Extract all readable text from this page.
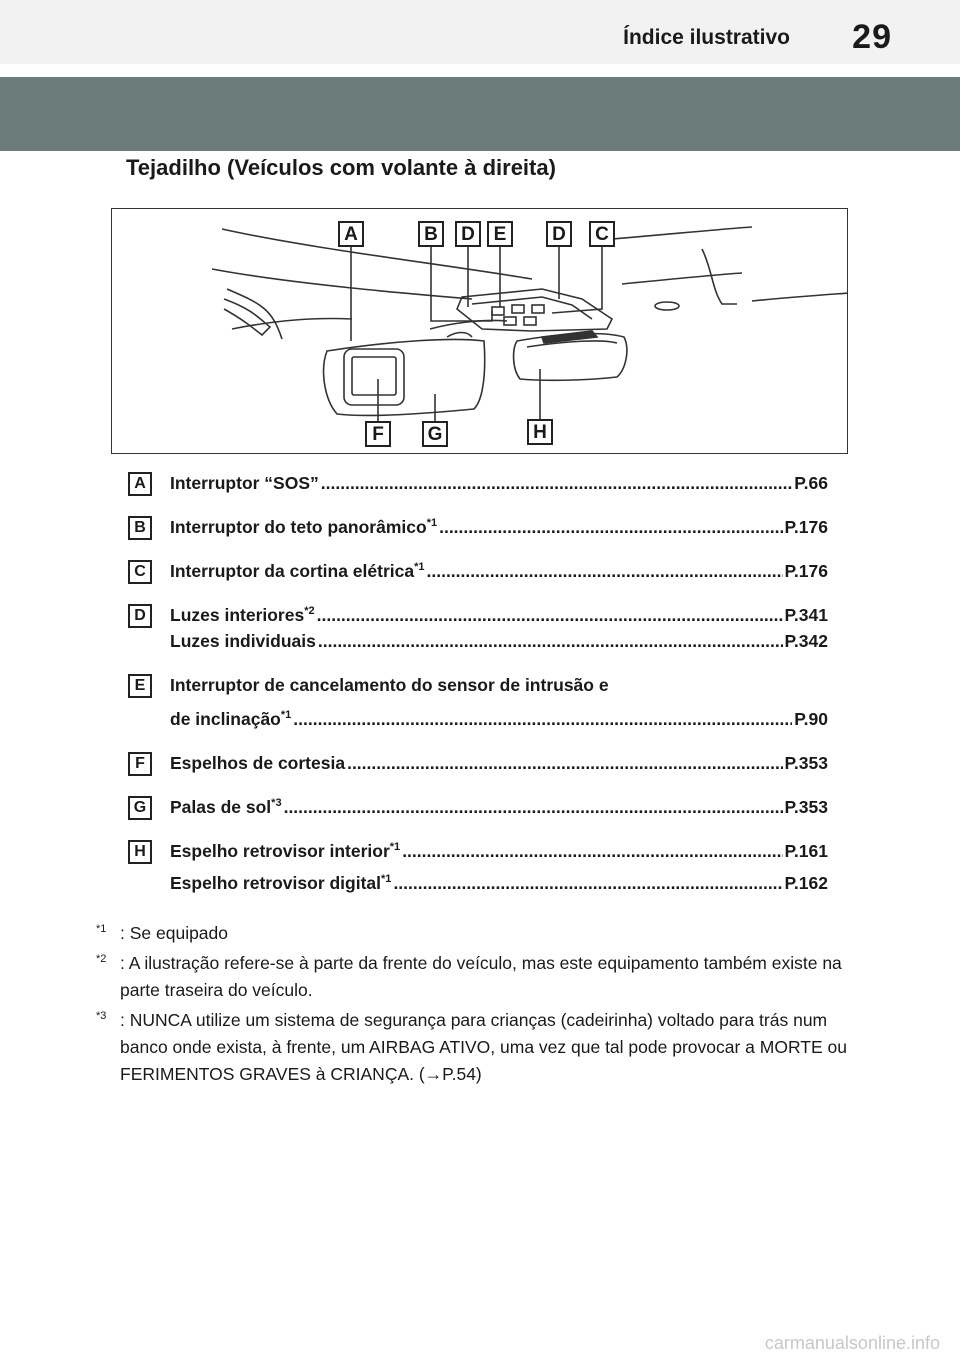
Índice ilustrativo 29
Tejadilho (Veículos com volante à direita)
A	B	D E	D	C
F	G	H
A	Interruptor “SOS” .....	P.66
B	Interruptor do teto panorâmico$^{*1}$ .....	P.176
C	Interruptor da cortina elétrica$^{*1}$ .....	P.176
D	Luzes interiores$^{*2}$ .....	P.341
Luzes individuais .....	P.342
E	Interruptor de cancelamento do sensor de intrusão e
de inclinação$^{*1}$ .....	P.90
F	Espelhos de cortesia .....	P.353
G	Palas de sol$^{*3}$ .....	P.353
H	Espelho retrovisor interior$^{*1}$ .....	P.161
Espelho retrovisor digital$^{*1}$ .....	P.162
$^{*1}$ : Se equipado
$^{*2}$ : A ilustração refere-se à parte da frente do veículo, mas este equipamento também existe na parte traseira do veículo.
$^{*3}$ : NUNCA utilize um sistema de segurança para crianças (cadeirinha) voltado para trás num banco onde exista, à frente, um AIRBAG ATIVO, uma vez que tal pode provocar a MORTE ou FERIMENTOS GRAVES à CRIANÇA. (→P.54)
carmanualsonline.info
